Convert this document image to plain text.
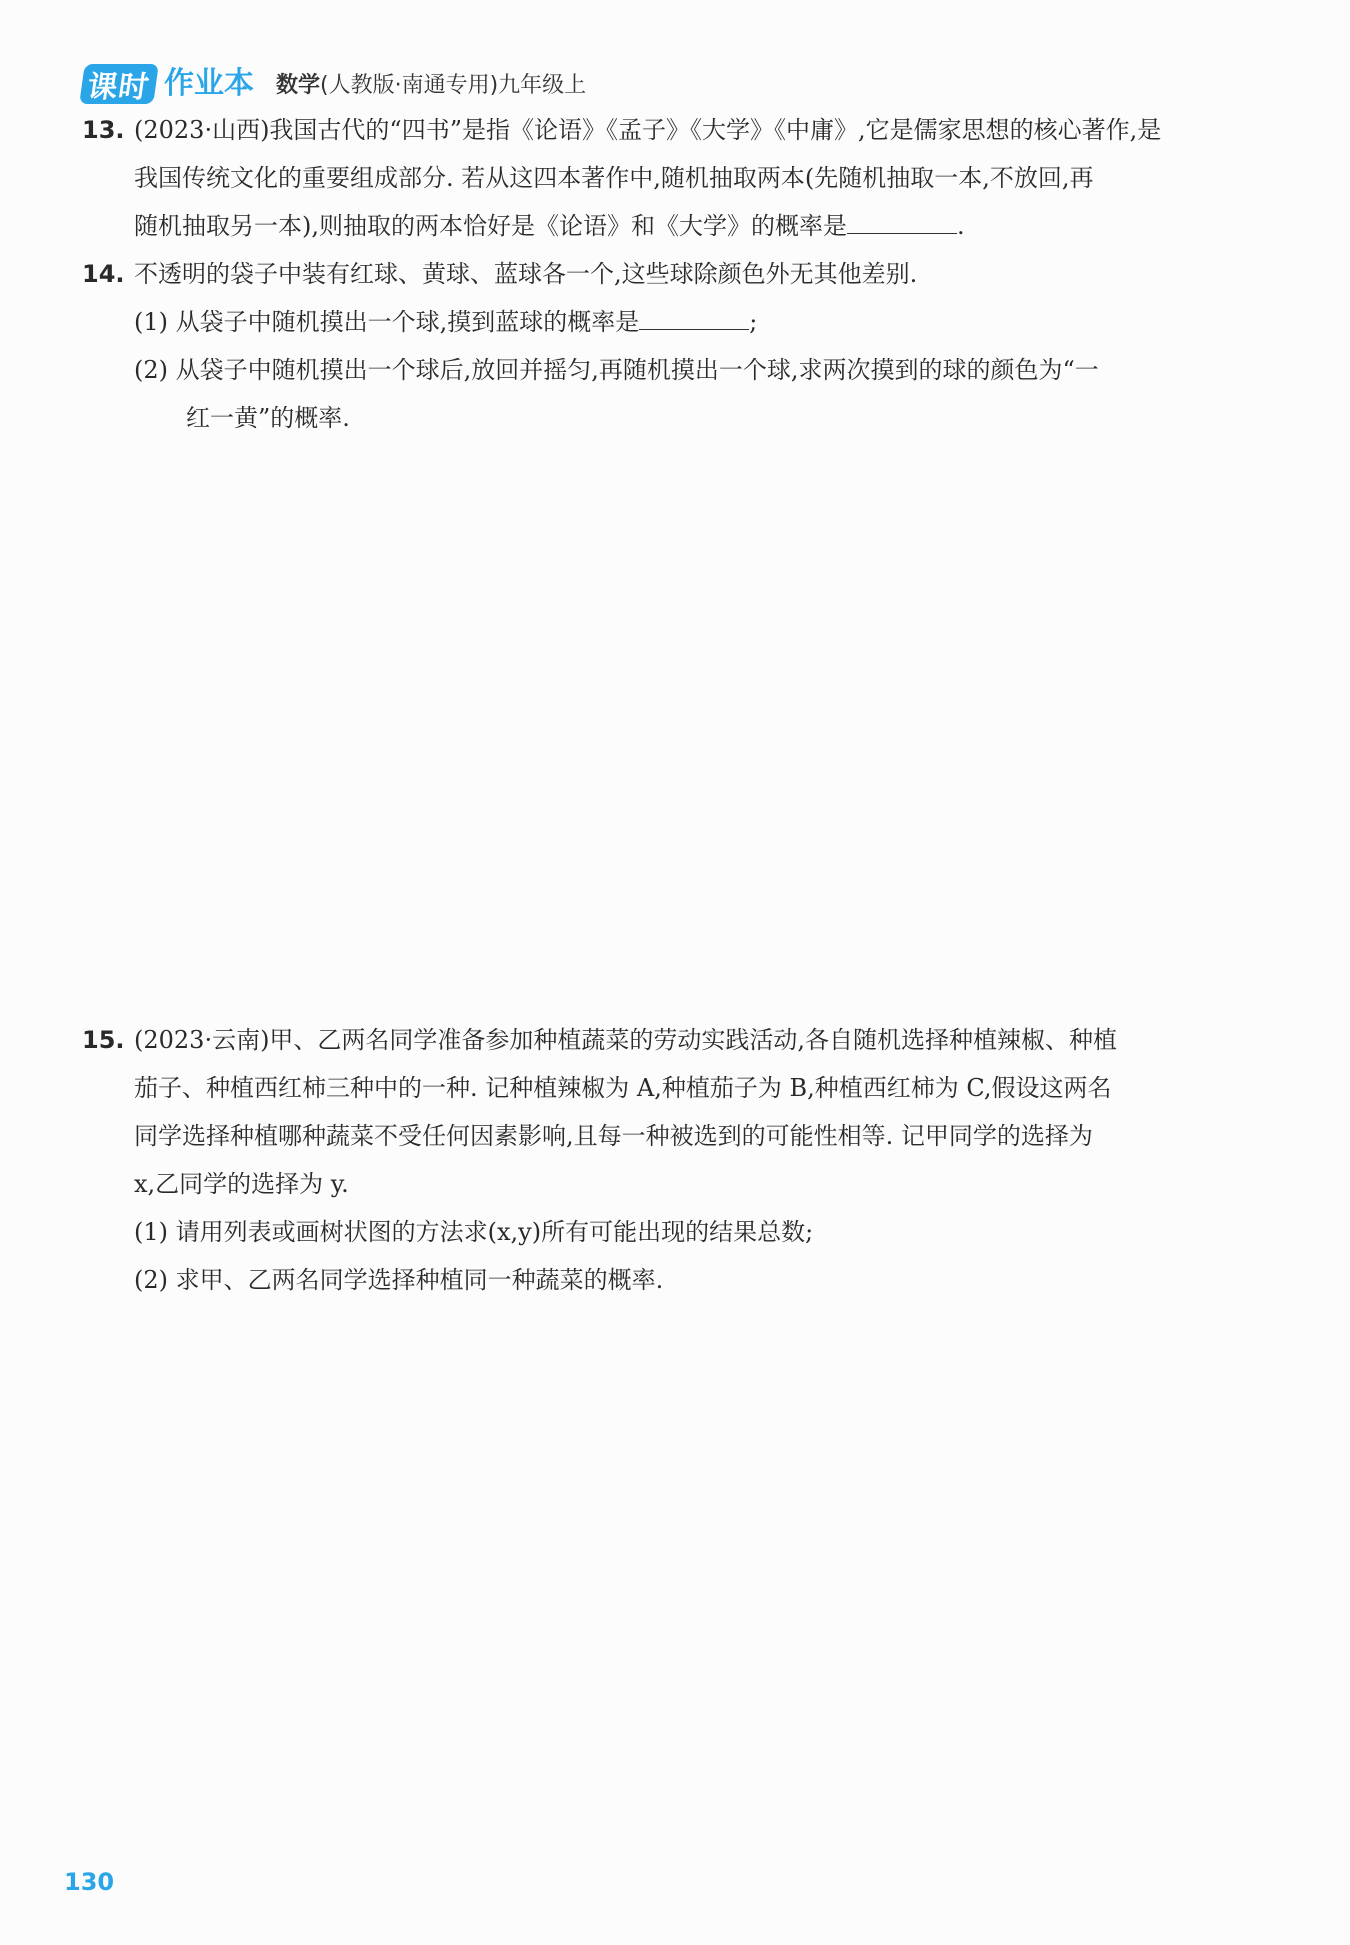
课时 作业本 数学(人教版·南通专用)九年级上
13. (2023·山西)我国古代的“四书”是指《论语》《孟子》《大学》《中庸》,它是儒家思想的核心著作,是
我国传统文化的重要组成部分. 若从这四本著作中,随机抽取两本(先随机抽取一本,不放回,再
随机抽取另一本),则抽取的两本恰好是《论语》和《大学》的概率是	.
14. 不透明的袋子中装有红球、黄球、蓝球各一个,这些球除颜色外无其他差别.
(1) 从袋子中随机摸出一个球,摸到蓝球的概率是	;
(2) 从袋子中随机摸出一个球后,放回并摇匀,再随机摸出一个球,求两次摸到的球的颜色为“一
红一黄”的概率.
15. (2023·云南)甲、乙两名同学准备参加种植蔬菜的劳动实践活动,各自随机选择种植辣椒、种植
茄子、种植西红柿三种中的一种. 记种植辣椒为 A,种植茄子为 B,种植西红柿为 C,假设这两名
同学选择种植哪种蔬菜不受任何因素影响,且每一种被选到的可能性相等. 记甲同学的选择为
x,乙同学的选择为 y.
(1) 请用列表或画树状图的方法求(x,y)所有可能出现的结果总数;
(2) 求甲、乙两名同学选择种植同一种蔬菜的概率.
130
